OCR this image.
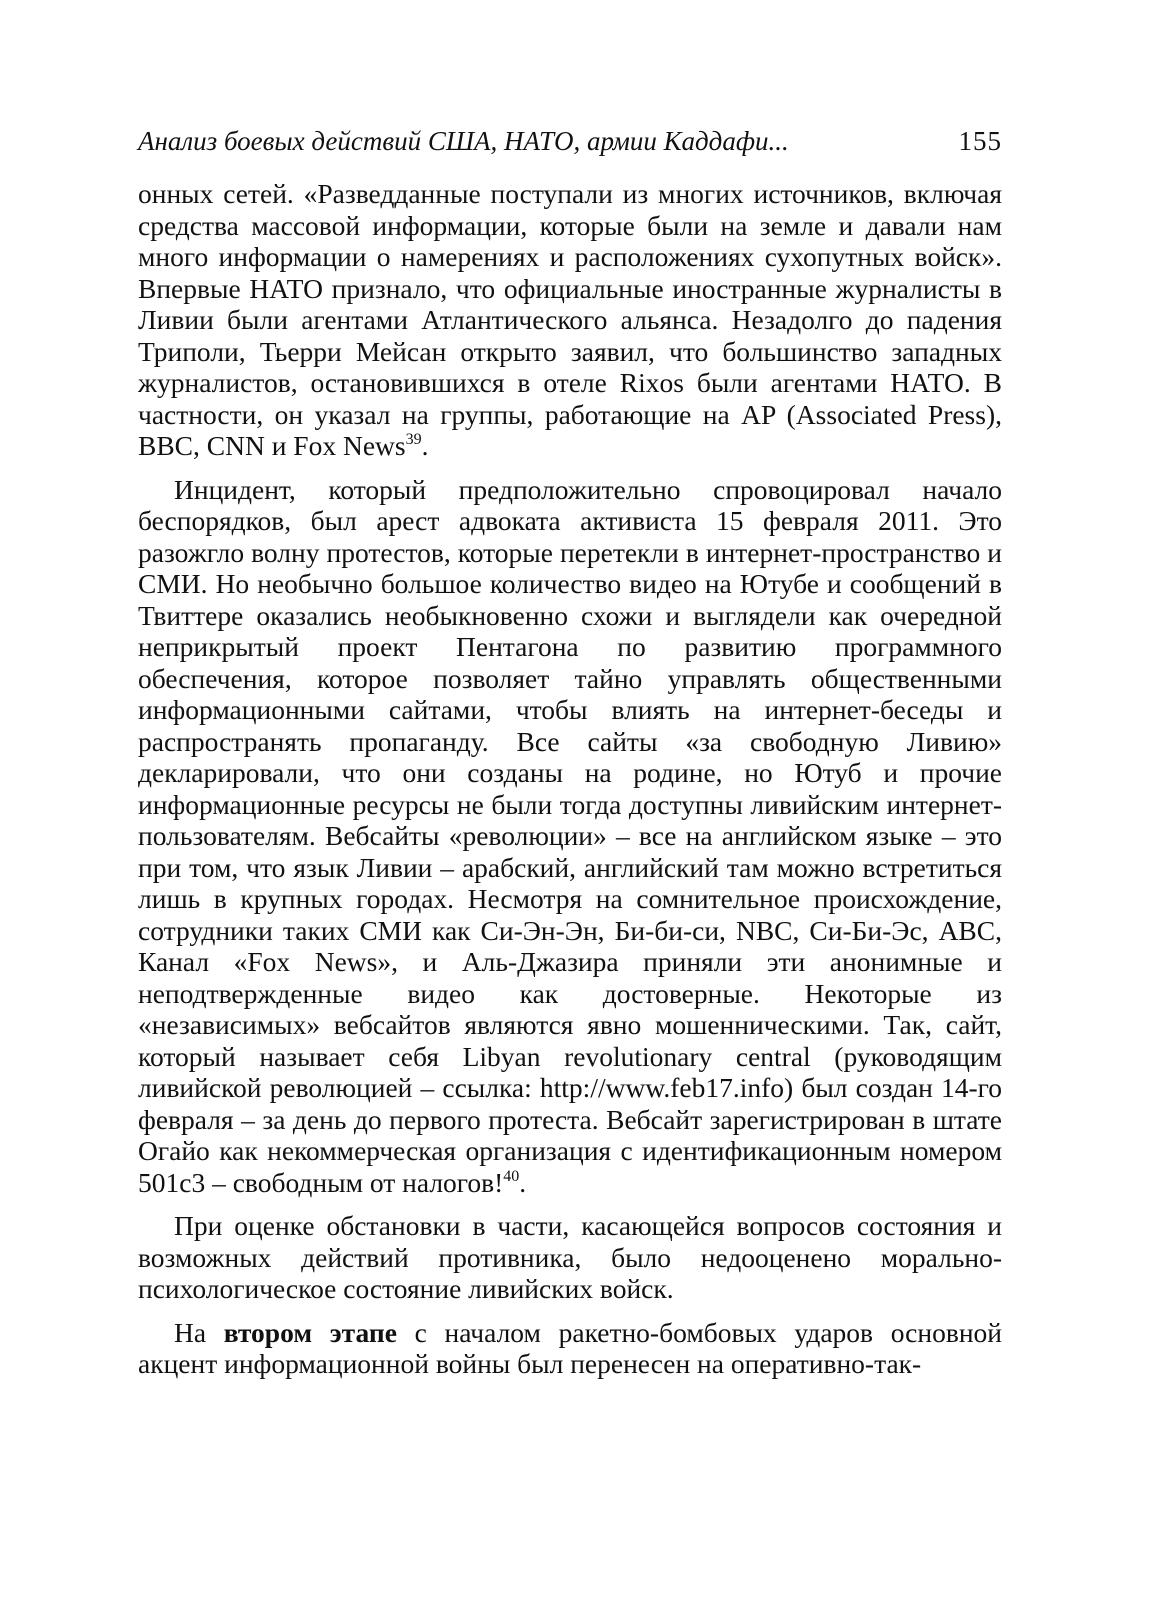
Анализ боевых действий США, НАТО, армии Каддафи...	155

онных сетей. «Разведданные поступали из многих источников, включая средства массовой информации, которые были на земле и давали нам много информации о намерениях и расположениях сухопутных войск». Впервые НАТО признало, что официальные иностранные журналисты в Ливии были агентами Атлантического альянса. Незадолго до падения Триполи, Тьерри Мейсан открыто заявил, что большинство западных журналистов, остановившихся в отеле Rixos были агентами НАТО. В частности, он указал на группы, работающие на AP (Associated Press), BBC, CNN и Fox News$^{39}$.

Инцидент, который предположительно спровоцировал начало беспорядков, был арест адвоката активиста 15 февраля 2011. Это разожгло волну протестов, которые перетекли в интернет-пространство и СМИ. Но необычно большое количество видео на Ютубе и сообщений в Твиттере оказались необыкновенно схожи и выглядели как очередной неприкрытый проект Пентагона по развитию программного обеспечения, которое позволяет тайно управлять общественными информационными сайтами, чтобы влиять на интернет-беседы и распространять пропаганду. Все сайты «за свободную Ливию» декларировали, что они созданы на родине, но Ютуб и прочие информационные ресурсы не были тогда доступны ливийским интернет-пользователям. Вебсайты «революции» – все на английском языке – это при том, что язык Ливии – арабский, английский там можно встретиться лишь в крупных городах. Несмотря на сомнительное происхождение, сотрудники таких СМИ как Си-Эн-Эн, Би-би-си, NBC, Си-Би-Эс, ABC, Канал «Fox News», и Аль-Джазира приняли эти анонимные и неподтвержденные видео как достоверные. Некоторые из «независимых» вебсайтов являются явно мошенническими. Так, сайт, который называет себя Libyan revolutionary central (руководящим ливийской революцией – ссылка: http://www.feb17.info) был создан 14-го февраля – за день до первого протеста. Вебсайт зарегистрирован в штате Огайо как некоммерческая организация с идентификационным номером 501c3 – свободным от налогов!$^{40}$.

При оценке обстановки в части, касающейся вопросов состояния и возможных действий противника, было недооценено морально-психологическое состояние ливийских войск.

На втором этапе с началом ракетно-бомбовых ударов основной акцент информационной войны был перенесен на оперативно-так-
